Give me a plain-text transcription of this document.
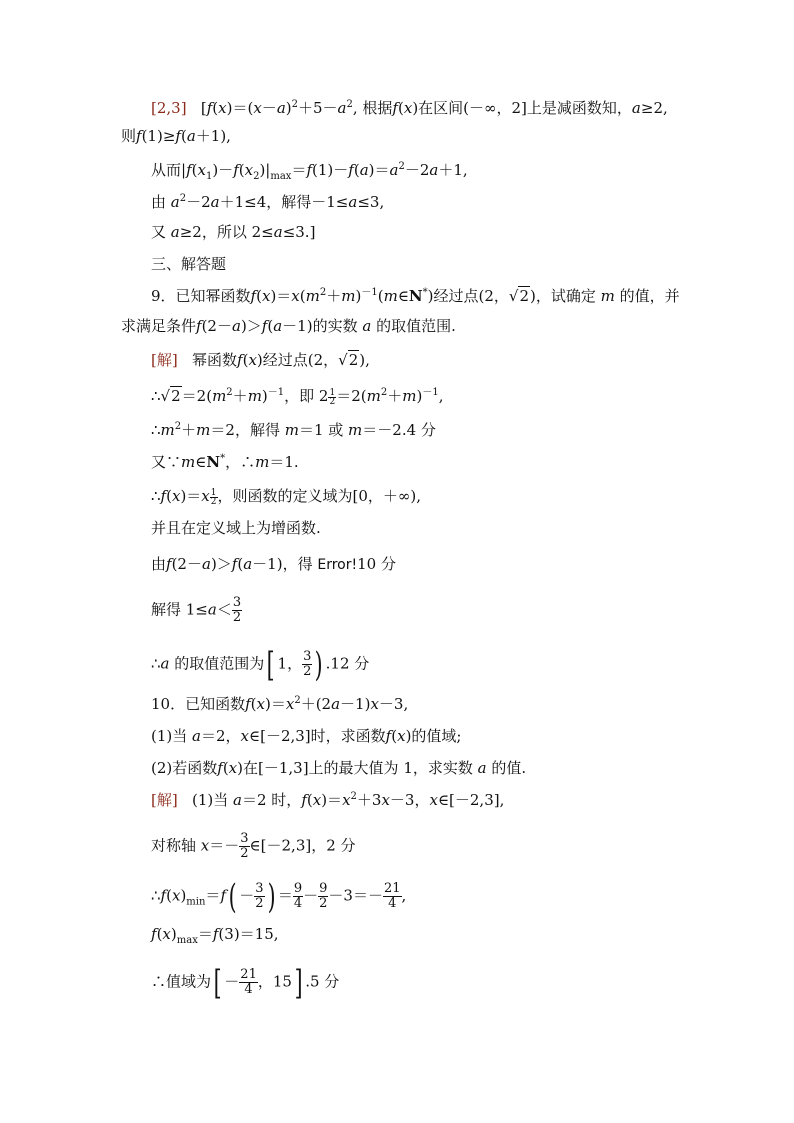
[2,3]   [$f(x)=(x-a)^2+5-a^2$, 根据f(x)在区间(－∞，2]上是减函数知，a≥2,
则f(1)≥f(a＋1),
从而$|f(x_1)-f(x_2)|_{max}=f(1)-f(a)=a^2-2a+1$,
由 $a^2-2a+1\le 4$，解得－1≤a≤3,
又 a≥2，所以 2≤a≤3.]
三、解答题
9．已知幂函数$f(x)=x(m^2+m)^{-1}(m\in N^*)$经过点(2，√2)，试确定 m 的值，并
求满足条件f(2－a)＞f(a－1)的实数 a 的取值范围.
[解]   幂函数f(x)经过点(2，√2),
$\therefore√2=2(m^2+m)^{-1}$，即 $2 \frac{1}{2} =2(m^2+m)^{-1}$,
$\therefore m^2+m=2$，解得 m＝1 或 m＝－2.4 分
又∵m∈N*，∴m＝1.
∴f(x)＝x $\frac{1}{2}$ ，则函数的定义域为[0，＋∞),
并且在定义域上为增函数.
由f(2－a)＞f(a－1)，得 Error!10 分
解得 $1\le a< \frac{3}{2}$
∴a 的取值范围为[ 1， $\frac{3}{2}$ ) .12 分
10．已知函数$f(x)=x^2+(2a-1)x-3$,
(1)当 a＝2，x∈[－2,3]时，求函数f(x)的值域;
(2)若函数f(x)在[－1,3]上的最大值为 1，求实数 a 的值.
[解]   (1)当 a＝2 时，$f(x)=x^2+3x-3$，x∈[－2,3],
对称轴 $x=- \frac{3}{2}$ ∈[－2,3]，2 分
$\therefore f(x)_{min}=f( - \frac{3}{2}$ ) ＝ $\frac{9}{4} - \frac{9}{2} -3=- \frac{21}{4}$ ,
$f(x)_{max}=f(3)=15$,
∴值域为[ － $\frac{21}{4}$ ，15] .5 分
